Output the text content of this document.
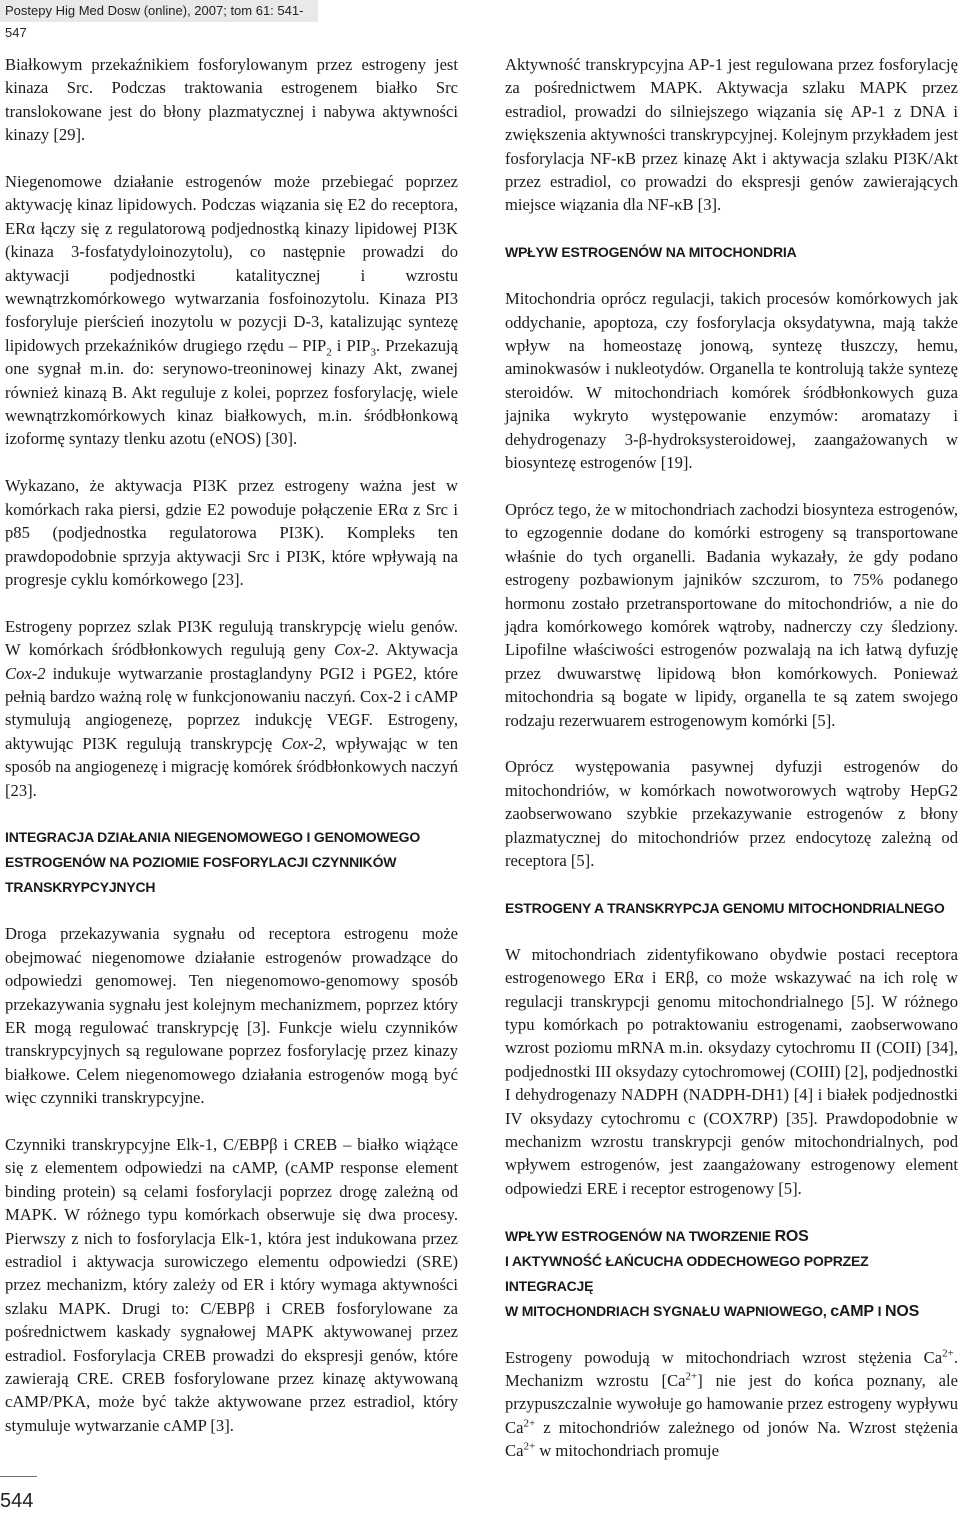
Postepy Hig Med Dosw (online), 2007; tom 61: 541-547

Białkowym przekaźnikiem fosforylowanym przez estrogeny jest kinaza Src. Podczas traktowania estrogenem białko Src translokowane jest do błony plazmatycznej i nabywa aktywności kinazy [29].

Niegenomowe działanie estrogenów może przebiegać poprzez aktywację kinaz lipidowych. Podczas wiązania się E2 do receptora, ERα łączy się z regulatorową podjednostką kinazy lipidowej PI3K (kinaza 3-fosfatydyloinozytolu), co następnie prowadzi do aktywacji podjednostki katalitycznej i wzrostu wewnątrzkomórkowego wytwarzania fosfoinozytolu. Kinaza PI3 fosforyluje pierścień inozytolu w pozycji D-3, katalizując syntezę lipidowych przekaźników drugiego rzędu – $PIP_2$ i $PIP_3$. Przekazują one sygnał m.in. do: serynowo-treoninowej kinazy Akt, zwanej również kinazą B. Akt reguluje z kolei, poprzez fosforylację, wiele wewnątrzkomórkowych kinaz białkowych, m.in. śródbłonkową izoformę syntazy tlenku azotu (eNOS) [30].

Wykazano, że aktywacja PI3K przez estrogeny ważna jest w komórkach raka piersi, gdzie E2 powoduje połączenie ERα z Src i p85 (podjednostka regulatorowa PI3K). Kompleks ten prawdopodobnie sprzyja aktywacji Src i PI3K, które wpływają na progresje cyklu komórkowego [23].

Estrogeny poprzez szlak PI3K regulują transkrypcję wielu genów. W komórkach śródbłonkowych regulują geny Cox-2. Aktywacja Cox-2 indukuje wytwarzanie prostaglandyny PGI2 i PGE2, które pełnią bardzo ważną rolę w funkcjonowaniu naczyń. Cox-2 i cAMP stymulują angiogenezę, poprzez indukcję VEGF. Estrogeny, aktywując PI3K regulują transkrypcję Cox-2, wpływając w ten sposób na angiogenezę i migrację komórek śródbłonkowych naczyń [23].

INTEGRACJA DZIAŁANIA NIEGENOMOWEGO I GENOMOWEGO
ESTROGENÓW NA POZIOMIE FOSFORYLACJI CZYNNIKÓW
TRANSKRYPCYJNYCH

Droga przekazywania sygnału od receptora estrogenu może obejmować niegenomowe działanie estrogenów prowadzące do odpowiedzi genomowej. Ten niegenomowo-genomowy sposób przekazywania sygnału jest kolejnym mechanizmem, poprzez który ER mogą regulować transkrypcję [3]. Funkcje wielu czynników transkrypcyjnych są regulowane poprzez fosforylację przez kinazy białkowe. Celem niegenomowego działania estrogenów mogą być więc czynniki transkrypcyjne.

Czynniki transkrypcyjne Elk-1, C/EBPβ i CREB – białko wiążące się z elementem odpowiedzi na cAMP, (cAMP response element binding protein) są celami fosforylacji poprzez drogę zależną od MAPK. W różnego typu komórkach obserwuje się dwa procesy. Pierwszy z nich to fosforylacja Elk-1, która jest indukowana przez estradiol i aktywacja surowiczego elementu odpowiedzi (SRE) przez mechanizm, który zależy od ER i który wymaga aktywności szlaku MAPK. Drugi to: C/EBPβ i CREB fosforylowane za pośrednictwem kaskady sygnałowej MAPK aktywowanej przez estradiol. Fosforylacja CREB prowadzi do ekspresji genów, które zawierają CRE. CREB fosforylowane przez kinazę aktywowaną cAMP/PKA, może być także aktywowane przez estradiol, który stymuluje wytwarzanie cAMP [3].

Aktywność transkrypcyjna AP-1 jest regulowana przez fosforylację za pośrednictwem MAPK. Aktywacja szlaku MAPK przez estradiol, prowadzi do silniejszego wiązania się AP-1 z DNA i zwiększenia aktywności transkrypcyjnej. Kolejnym przykładem jest fosforylacja NF-κB przez kinazę Akt i aktywacja szlaku PI3K/Akt przez estradiol, co prowadzi do ekspresji genów zawierających miejsce wiązania dla NF-κB [3].

WPŁYW ESTROGENÓW NA MITOCHONDRIA

Mitochondria oprócz regulacji, takich procesów komórkowych jak oddychanie, apoptoza, czy fosforylacja oksydatywna, mają także wpływ na homeostazę jonową, syntezę tłuszczy, hemu, aminokwasów i nukleotydów. Organella te kontrolują także syntezę steroidów. W mitochondriach komórek śródbłonkowych guza jajnika wykryto występowanie enzymów: aromatazy i dehydrogenazy 3-β-hydroksysteroidowej, zaangażowanych w biosyntezę estrogenów [19].

Oprócz tego, że w mitochondriach zachodzi biosynteza estrogenów, to egzogennie dodane do komórki estrogeny są transportowane właśnie do tych organelli. Badania wykazały, że gdy podano estrogeny pozbawionym jajników szczurom, to 75% podanego hormonu zostało przetransportowane do mitochondriów, a nie do jądra komórkowego komórek wątroby, nadnerczy czy śledziony. Lipofilne właściwości estrogenów pozwalają na ich łatwą dyfuzję przez dwuwarstwę lipidową błon komórkowych. Ponieważ mitochondria są bogate w lipidy, organella te są zatem swojego rodzaju rezerwuarem estrogenowym komórki [5].

Oprócz występowania pasywnej dyfuzji estrogenów do mitochondriów, w komórkach nowotworowych wątroby HepG2 zaobserwowano szybkie przekazywanie estrogenów z błony plazmatycznej do mitochondriów przez endocytozę zależną od receptora [5].

ESTROGENY A TRANSKRYPCJA GENOMU MITOCHONDRIALNEGO

W mitochondriach zidentyfikowano obydwie postaci receptora estrogenowego ERα i ERβ, co może wskazywać na ich rolę w regulacji transkrypcji genomu mitochondrialnego [5]. W różnego typu komórkach po potraktowaniu estrogenami, zaobserwowano wzrost poziomu mRNA m.in. oksydazy cytochromu II (COII) [34], podjednostki III oksydazy cytochromowej (COIII) [2], podjednostki I dehydrogenazy NADPH (NADPH-DH1) [4] i białek podjednostki IV oksydazy cytochromu c (COX7RP) [35]. Prawdopodobnie w mechanizm wzrostu transkrypcji genów mitochondrialnych, pod wpływem estrogenów, jest zaangażowany estrogenowy element odpowiedzi ERE i receptor estrogenowy [5].

WPŁYW ESTROGENÓW NA TWORZENIE ROS
I AKTYWNOŚĆ ŁAŃCUCHA ODDECHOWEGO POPRZEZ INTEGRACJĘ
W MITOCHONDRIACH SYGNAŁU WAPNIOWEGO, cAMP I NOS

Estrogeny powodują w mitochondriach wzrost stężenia $Ca^{2+}$. Mechanizm wzrostu $[Ca^{2+}]$ nie jest do końca poznany, ale przypuszczalnie wywołuje go hamowanie przez estrogeny wypływu $Ca^{2+}$ z mitochondriów zależnego od jonów Na. Wzrost stężenia $Ca^{2+}$ w mitochondriach promuje

544
